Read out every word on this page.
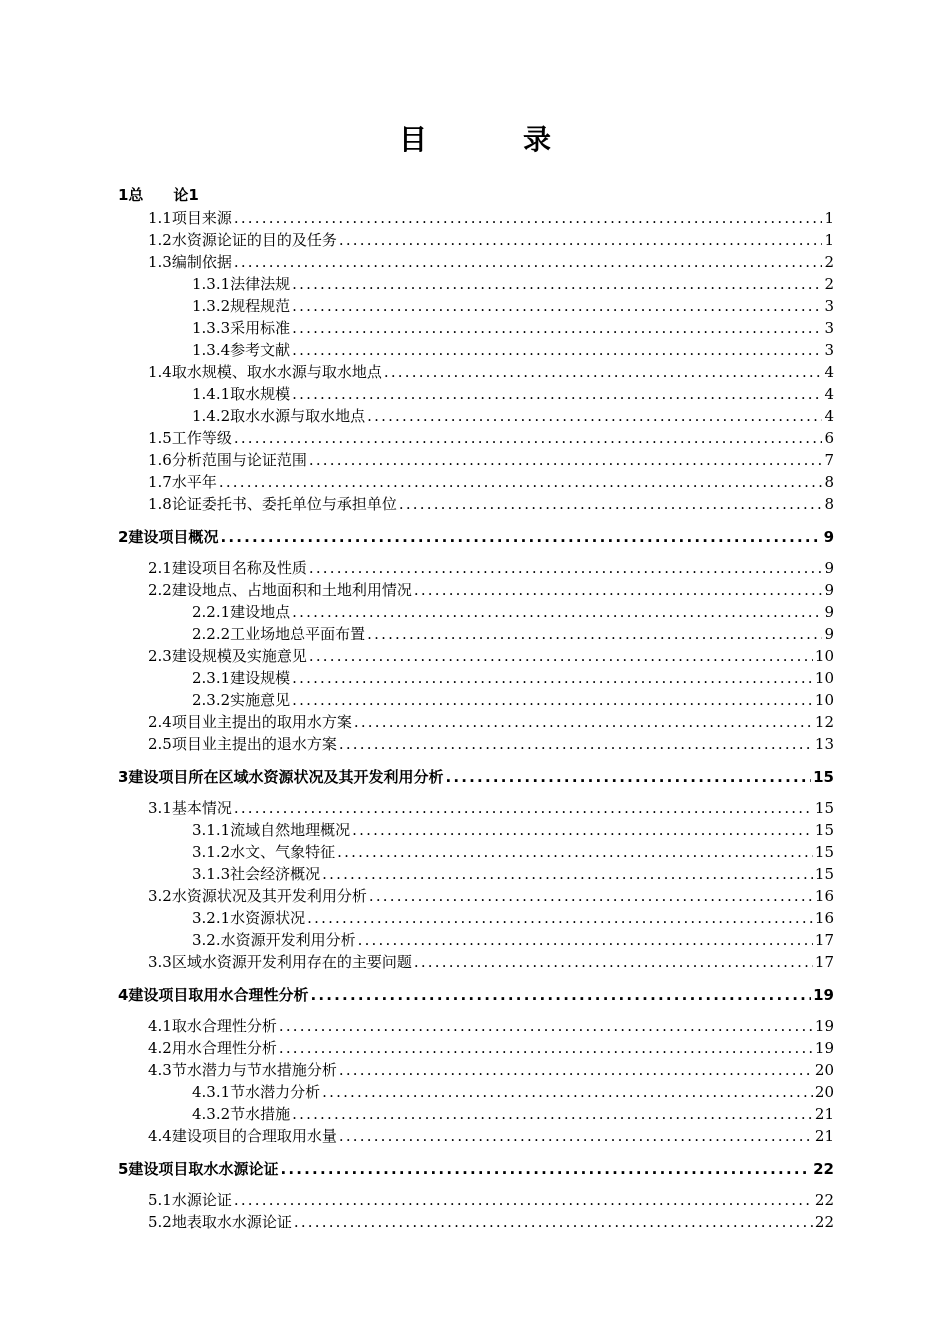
目	录
1总　　论1
1.1项目来源 .....	1
1.2水资源论证的目的及任务 .....	1
1.3编制依据 .....	2
1.3.1法律法规 .....	2
1.3.2规程规范 .....	3
1.3.3采用标准 .....	3
1.3.4参考文献 .....	3
1.4取水规模、取水水源与取水地点 .....	4
1.4.1取水规模 .....	4
1.4.2取水水源与取水地点 .....	4
1.5工作等级 .....	6
1.6分析范围与论证范围 .....	7
1.7水平年 .....	8
1.8论证委托书、委托单位与承担单位 .....	8
2建设项目概况 .....	9
2.1建设项目名称及性质 .....	9
2.2建设地点、占地面积和土地利用情况 .....	9
2.2.1建设地点 .....	9
2.2.2工业场地总平面布置 .....	9
2.3建设规模及实施意见 .....	10
2.3.1建设规模 .....	10
2.3.2实施意见 .....	10
2.4项目业主提出的取用水方案 .....	12
2.5项目业主提出的退水方案 .....	13
3建设项目所在区域水资源状况及其开发利用分析 .....	15
3.1基本情况 .....	15
3.1.1流域自然地理概况 .....	15
3.1.2水文、气象特征 .....	15
3.1.3社会经济概况 .....	15
3.2水资源状况及其开发利用分析 .....	16
3.2.1水资源状况 .....	16
3.2.水资源开发利用分析 .....	17
3.3区域水资源开发利用存在的主要问题 .....	17
4建设项目取用水合理性分析 .....	19
4.1取水合理性分析 .....	19
4.2用水合理性分析 .....	19
4.3节水潜力与节水措施分析 .....	20
4.3.1节水潜力分析 .....	20
4.3.2节水措施 .....	21
4.4建设项目的合理取用水量 .....	21
5建设项目取水水源论证 .....	22
5.1水源论证 .....	22
5.2地表取水水源论证 .....	22
